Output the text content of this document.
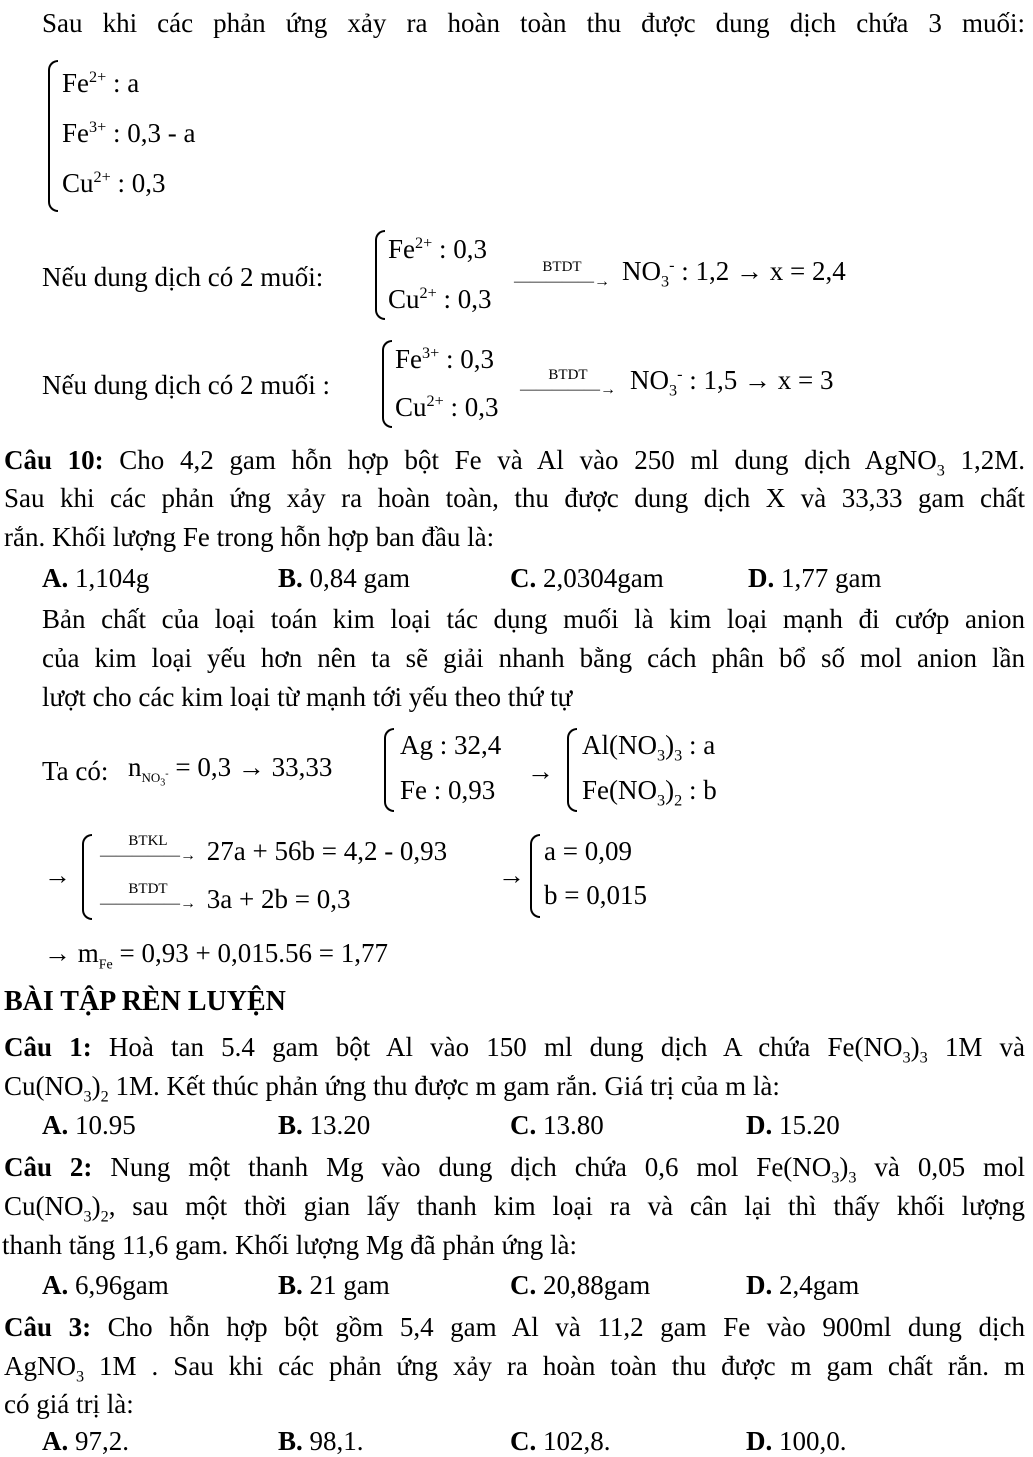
Sau khi các phản ứng xảy ra hoàn toàn thu được dung dịch chứa 3 muối:
$Fe^{2+}$ : a
$Fe^{3+}$ : 0,3 - a
$Cu^{2+}$ : 0,3
Nếu dung dịch có 2 muối:
$Fe^{2+}$ : 0,3
$Cu^{2+}$ : 0,3
BTDT
—————→ $NO_3^-$ : 1,2 → x = 2,4
Nếu dung dịch có 2 muối :
$Fe^{3+}$ : 0,3
$Cu^{2+}$ : 0,3
BTDT
—————→ $NO_3^-$ : 1,5 → x = 3
Câu 10: Cho 4,2 gam hỗn hợp bột Fe và Al vào 250 ml dung dịch AgNO$_3$ 1,2M.
Sau khi các phản ứng xảy ra hoàn toàn, thu được dung dịch X và 33,33 gam chất
rắn. Khối lượng Fe trong hỗn hợp ban đầu là:
A. 1,104g	B. 0,84 gam	C. 2,0304gam	D. 1,77 gam
Bản chất của loại toán kim loại tác dụng muối là kim loại mạnh đi cướp anion
của kim loại yếu hơn nên ta sẽ giải nhanh bằng cách phân bổ số mol anion lần
lượt cho các kim loại từ mạnh tới yếu theo thứ tự
Ta có: $n_{NO_3^-} = 0,3 \to 33,33$
Ag : 32,4
Fe : 0,93
→
$Al(NO_3)_3$ : a
$Fe(NO_3)_2$ : b
→
BTKL
—————→ 27a + 56b = 4,2 - 0,93
BTDT
—————→ 3a + 2b = 0,3
→
a = 0,09
b = 0,015
→ $m_{Fe} = 0,93 + 0,015.56 = 1,77$
BÀI TẬP RÈN LUYỆN
Câu 1: Hoà tan 5.4 gam bột Al vào 150 ml dung dịch A chứa $Fe(NO_3)_3$ 1M và
$Cu(NO_3)_2$ 1M. Kết thúc phản ứng thu được m gam rắn. Giá trị của m là:
A. 10.95	B. 13.20	C. 13.80	D. 15.20
Câu 2: Nung một thanh Mg vào dung dịch chứa 0,6 mol $Fe(NO_3)_3$ và 0,05 mol
$Cu(NO_3)_2$, sau một thời gian lấy thanh kim loại ra và cân lại thì thấy khối lượng
thanh tăng 11,6 gam. Khối lượng Mg đã phản ứng là:
A. 6,96gam	B. 21 gam	C. 20,88gam	D. 2,4gam
Câu 3: Cho hỗn hợp bột gồm 5,4 gam Al và 11,2 gam Fe vào 900ml dung dịch
AgNO$_3$ 1M . Sau khi các phản ứng xảy ra hoàn toàn thu được m gam chất rắn. m
có giá trị là:
A. 97,2.	B. 98,1.	C. 102,8.	D. 100,0.
